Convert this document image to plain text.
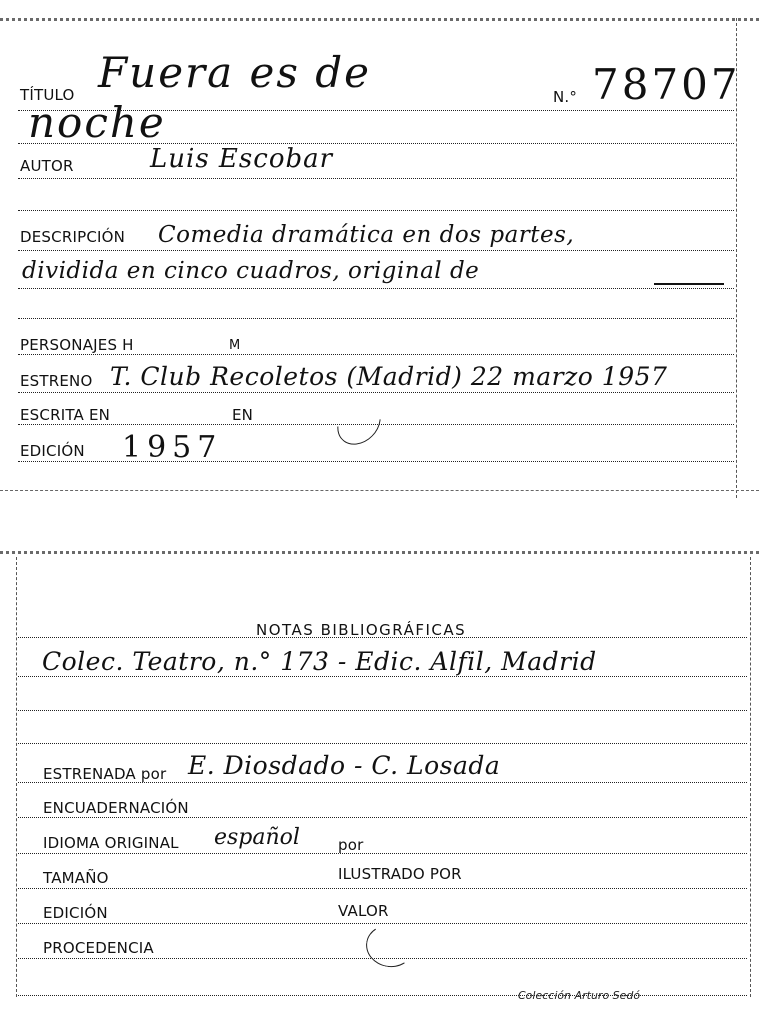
TÍTULO Fuera es de	N.° 78707
noche
AUTOR	Luis Escobar
DESCRIPCIÓN Comedia dramática en dos partes,
dividida en cinco cuadros, original de
PERSONAJES H	M
ESTRENO T. Club Recoletos (Madrid) 22 marzo 1957
ESCRITA EN	EN
EDICIÓN 1957
NOTAS BIBLIOGRÁFICAS
Colec. Teatro, n.° 173 - Edic. Alfil, Madrid
ESTRENADA por E. Diosdado - C. Losada
ENCUADERNACIÓN
IDIOMA ORIGINAL español	por
TAMAÑO	ILUSTRADO POR
EDICIÓN	VALOR
PROCEDENCIA
Colección Arturo Sedó
